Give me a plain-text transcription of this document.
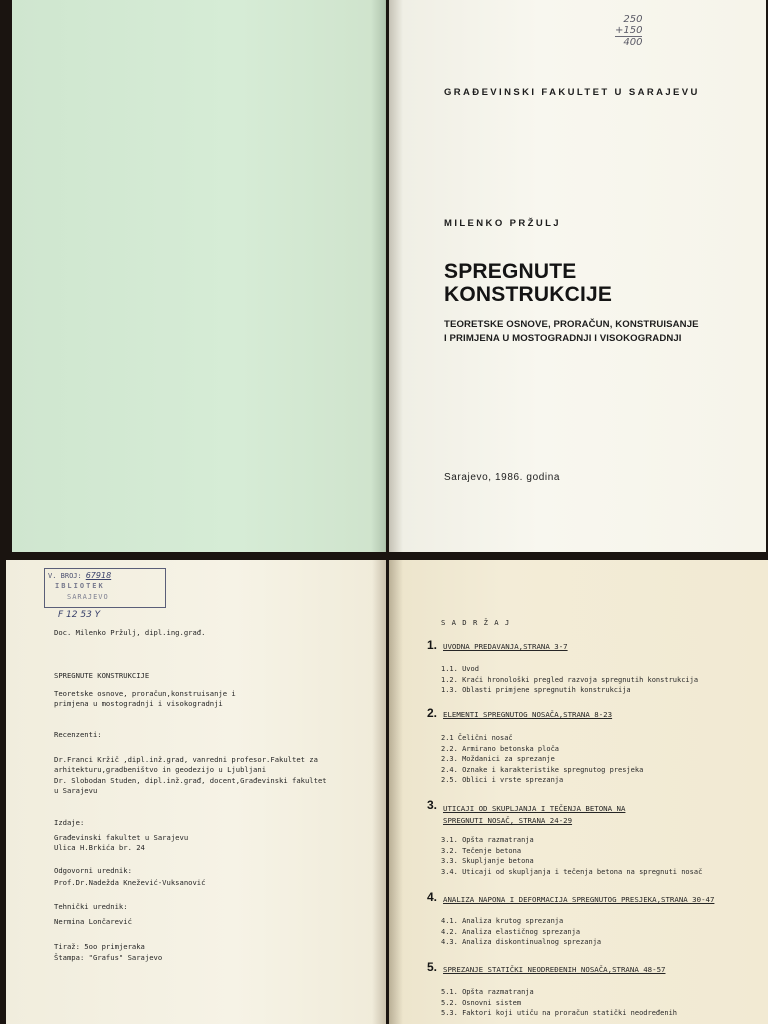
250
+150
400
GRAĐEVINSKI FAKULTET U SARAJEVU
MILENKO PRŽULJ
SPREGNUTE
KONSTRUKCIJE
TEORETSKE OSNOVE, PRORAČUN, KONSTRUISANJE
I PRIMJENA U MOSTOGRADNJI I VISOKOGRADNJI
Sarajevo, 1986. godina
V. BROJ: 67918
IBLIOTEK
SARAJEVO
F 12 53 Y
Doc. Milenko Pržulj, dipl.ing.građ.
SPREGNUTE KONSTRUKCIJE
Teoretske osnove, proračun,konstruisanje i
primjena u mostogradnji i visokogradnji
Recenzenti:
Dr.Franci Kržič ,dipl.inž.grad, vanredni profesor.Fakultet za
arhitekturu,gradbeništvo in geodezijo u Ljubljani
Dr. Slobodan Studen, dipl.inž.građ, docent,Građevinski fakultet
u Sarajevu
Izdaje:
Građevinski fakultet u Sarajevu
Ulica H.Brkića br. 24
Odgovorni urednik:
Prof.Dr.Nadežda Knežević-Vuksanović
Tehnički urednik:
Nermina Lončarević
Tiraž: 5oo primjeraka
Štampa: "Grafus" Sarajevo
S A D R Ž A J
1. UVODNA PREDAVANJA,STRANA 3-7
1.1. Uvod
1.2. Kraći hronološki pregled razvoja spregnutih konstrukcija
1.3. Oblasti primjene spregnutih konstrukcija
2. ELEMENTI SPREGNUTOG NOSAČA,STRANA 8-23
2.1 Čelični nosač
2.2. Armirano betonska ploča
2.3. Moždanici za sprezanje
2.4. Oznake i karakteristike spregnutog presjeka
2.5. Oblici i vrste sprezanja
3. UTICAJI OD SKUPLJANJA I TEČENJA BETONA NA
SPREGNUTI NOSAČ, STRANA 24-29
3.1. Opšta razmatranja
3.2. Tečenje betona
3.3. Skupljanje betona
3.4. Uticaji od skupljanja i tečenja betona na spregnuti nosač
4. ANALIZA NAPONA I DEFORMACIJA SPREGNUTOG PRESJEKA,STRANA 30-47
4.1. Analiza krutog sprezanja
4.2. Analiza elastičnog sprezanja
4.3. Analiza diskontinualnog sprezanja
5. SPREZANJE STATIČKI NEODREĐENIH NOSAČA,STRANA 48-57
5.1. Opšta razmatranja
5.2. Osnovni sistem
5.3. Faktori koji utiču na proračun statički neodređenih
